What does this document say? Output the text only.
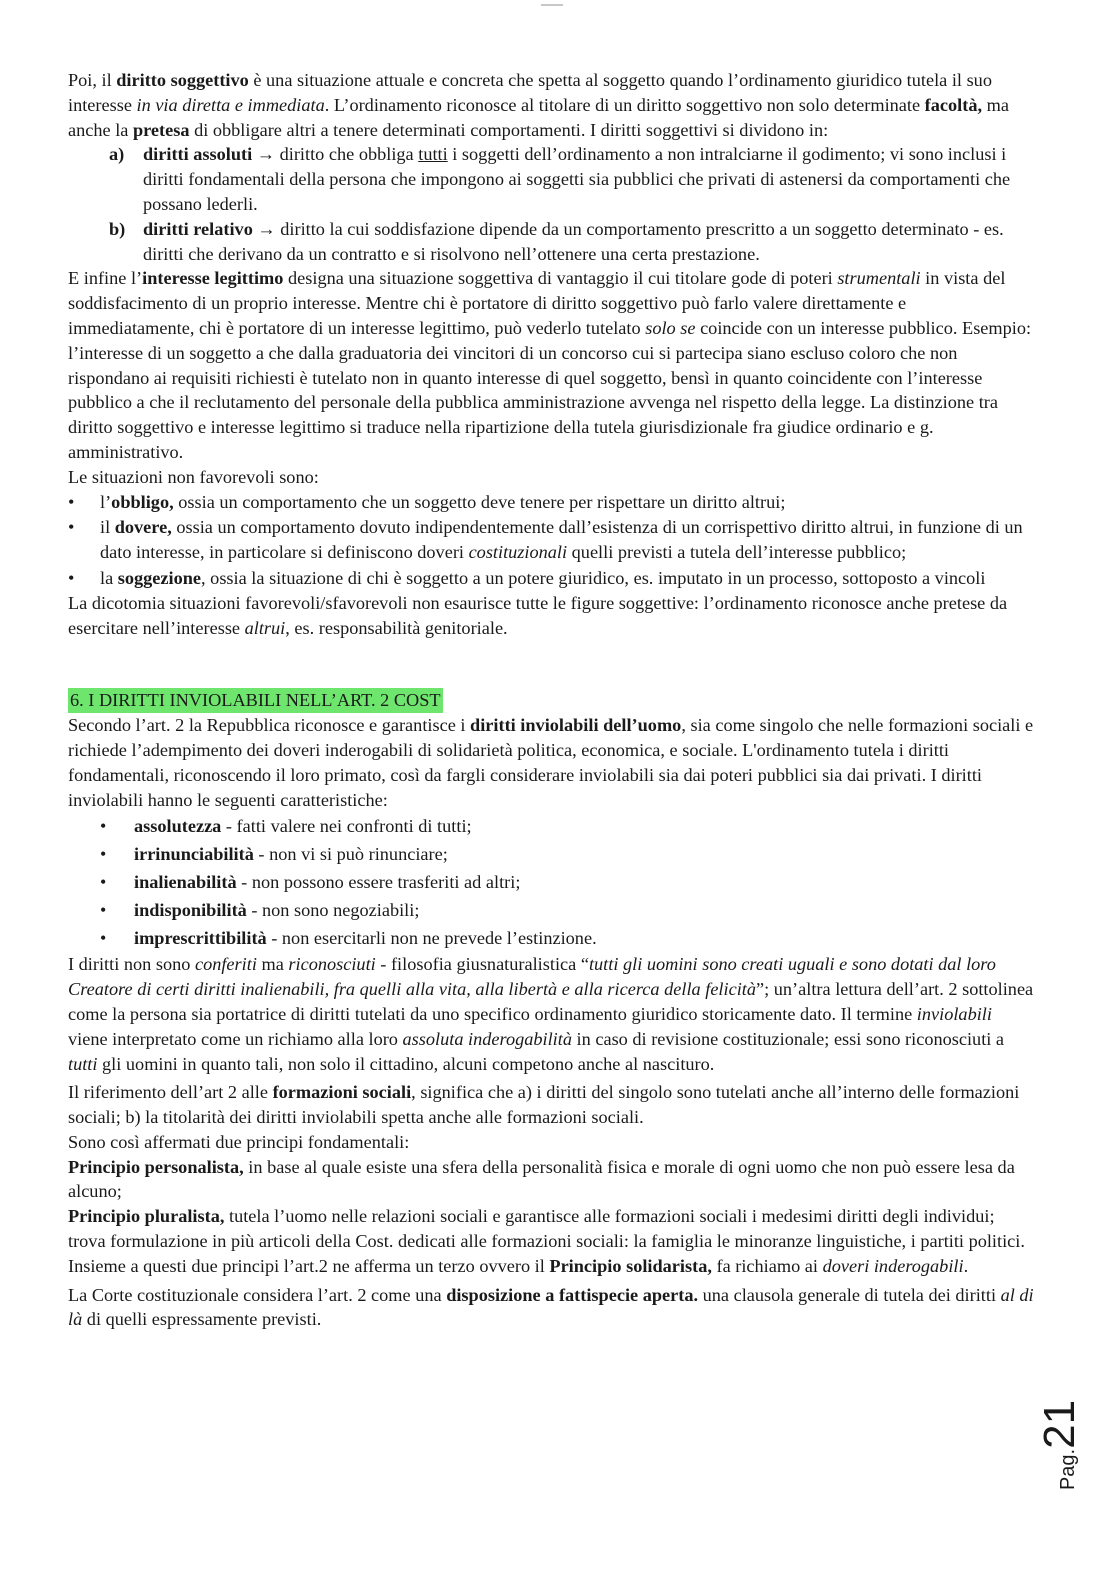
Poi, il diritto soggettivo è una situazione attuale e concreta che spetta al soggetto quando l’ordinamento giuridico tutela il suo interesse in via diretta e immediata. L’ordinamento riconosce al titolare di un diritto soggettivo non solo determinate facoltà, ma anche la pretesa di obbligare altri a tenere determinati comportamenti. I diritti soggettivi si dividono in:

a) diritti assoluti → diritto che obbliga tutti i soggetti dell’ordinamento a non intralciarne il godimento; vi sono inclusi i diritti fondamentali della persona che impongono ai soggetti sia pubblici che privati di astenersi da comportamenti che possano lederli.
b) diritti relativo → diritto la cui soddisfazione dipende da un comportamento prescritto a un soggetto determinato - es. diritti che derivano da un contratto e si risolvono nell’ottenere una certa prestazione.

E infine l’interesse legittimo designa una situazione soggettiva di vantaggio il cui titolare gode di poteri strumentali in vista del soddisfacimento di un proprio interesse. Mentre chi è portatore di diritto soggettivo può farlo valere direttamente e immediatamente, chi è portatore di un interesse legittimo, può vederlo tutelato solo se coincide con un interesse pubblico. Esempio: l’interesse di un soggetto a che dalla graduatoria dei vincitori di un concorso cui si partecipa siano escluso coloro che non rispondano ai requisiti richiesti è tutelato non in quanto interesse di quel soggetto, bensì in quanto coincidente con l’interesse pubblico a che il reclutamento del personale della pubblica amministrazione avvenga nel rispetto della legge. La distinzione tra diritto soggettivo e interesse legittimo si traduce nella ripartizione della tutela giurisdizionale fra giudice ordinario e g. amministrativo.

Le situazioni non favorevoli sono:

• l’obbligo, ossia un comportamento che un soggetto deve tenere per rispettare un diritto altrui;
• il dovere, ossia un comportamento dovuto indipendentemente dall’esistenza di un corrispettivo diritto altrui, in funzione di un dato interesse, in particolare si definiscono doveri costituzionali quelli previsti a tutela dell’interesse pubblico;
• la soggezione, ossia la situazione di chi è soggetto a un potere giuridico, es. imputato in un processo, sottoposto a vincoli

La dicotomia situazioni favorevoli/sfavorevoli non esaurisce tutte le figure soggettive: l’ordinamento riconosce anche pretese da esercitare nell’interesse altrui, es. responsabilità genitoriale.

6. I DIRITTI INVIOLABILI NELL’ART. 2 COST

Secondo l’art. 2 la Repubblica riconosce e garantisce i diritti inviolabili dell’uomo, sia come singolo che nelle formazioni sociali e richiede l’adempimento dei doveri inderogabili di solidarietà politica, economica, e sociale. L'ordinamento tutela i diritti fondamentali, riconoscendo il loro primato, così da fargli considerare inviolabili sia dai poteri pubblici sia dai privati. I diritti inviolabili hanno le seguenti caratteristiche:

• assolutezza - fatti valere nei confronti di tutti;
• irrinunciabilità - non vi si può rinunciare;
• inalienabilità - non possono essere trasferiti ad altri;
• indisponibilità - non sono negoziabili;
• imprescrittibilità - non esercitarli non ne prevede l’estinzione.

I diritti non sono conferiti ma riconosciuti - filosofia giusnaturalistica “tutti gli uomini sono creati uguali e sono dotati dal loro Creatore di certi diritti inalienabili, fra quelli alla vita, alla libertà e alla ricerca della felicità”; un’altra lettura dell’art. 2 sottolinea come la persona sia portatrice di diritti tutelati da uno specifico ordinamento giuridico storicamente dato. Il termine inviolabili viene interpretato come un richiamo alla loro assoluta inderogabilità in caso di revisione costituzionale; essi sono riconosciuti a tutti gli uomini in quanto tali, non solo il cittadino, alcuni competono anche al nascituro.

Il riferimento dell’art 2 alle formazioni sociali, significa che a) i diritti del singolo sono tutelati anche all’interno delle formazioni sociali; b) la titolarità dei diritti inviolabili spetta anche alle formazioni sociali.

Sono così affermati due principi fondamentali:

Principio personalista, in base al quale esiste una sfera della personalità fisica e morale di ogni uomo che non può essere lesa da alcuno;

Principio pluralista, tutela l’uomo nelle relazioni sociali e garantisce alle formazioni sociali i medesimi diritti degli individui; trova formulazione in più articoli della Cost. dedicati alle formazioni sociali: la famiglia le minoranze linguistiche, i partiti politici.

Insieme a questi due principi l’art.2 ne afferma un terzo ovvero il Principio solidarista, fa richiamo ai doveri inderogabili.

La Corte costituzionale considera l’art. 2 come una disposizione a fattispecie aperta. una clausola generale di tutela dei diritti al di là di quelli espressamente previsti.

Pag.21
